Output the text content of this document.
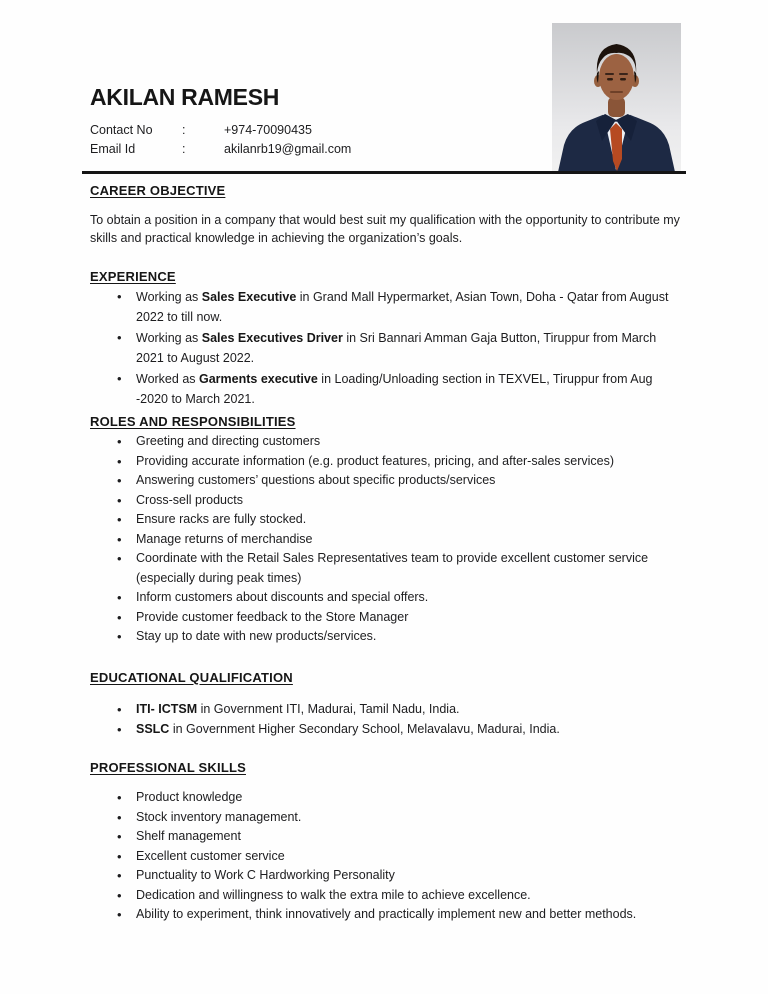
AKILAN RAMESH
Contact No	:	+974-70090435
Email Id	:	akilanrb19@gmail.com
CAREER OBJECTIVE

To obtain a position in a company that would best suit my qualification with the opportunity to contribute my skills and practical knowledge in achieving the organization’s goals.

EXPERIENCE
• Working as Sales Executive in Grand Mall Hypermarket, Asian Town, Doha - Qatar from August 2022 to till now.
• Working as Sales Executives Driver in Sri Bannari Amman Gaja Button, Tiruppur from March 2021 to August 2022.
• Worked as Garments executive in Loading/Unloading section in TEXVEL, Tiruppur from Aug -2020 to March 2021.
ROLES AND RESPONSIBILITIES
• Greeting and directing customers
• Providing accurate information (e.g. product features, pricing, and after-sales services)
• Answering customers’ questions about specific products/services
• Cross-sell products
• Ensure racks are fully stocked.
• Manage returns of merchandise
• Coordinate with the Retail Sales Representatives team to provide excellent customer service (especially during peak times)
• Inform customers about discounts and special offers.
• Provide customer feedback to the Store Manager
• Stay up to date with new products/services.
EDUCATIONAL QUALIFICATION
• ITI- ICTSM in Government ITI, Madurai, Tamil Nadu, India.
• SSLC in Government Higher Secondary School, Melavalavu, Madurai, India.
PROFESSIONAL SKILLS
• Product knowledge
• Stock inventory management.
• Shelf management
• Excellent customer service
• Punctuality to Work C Hardworking Personality
• Dedication and willingness to walk the extra mile to achieve excellence.
• Ability to experiment, think innovatively and practically implement new and better methods.
